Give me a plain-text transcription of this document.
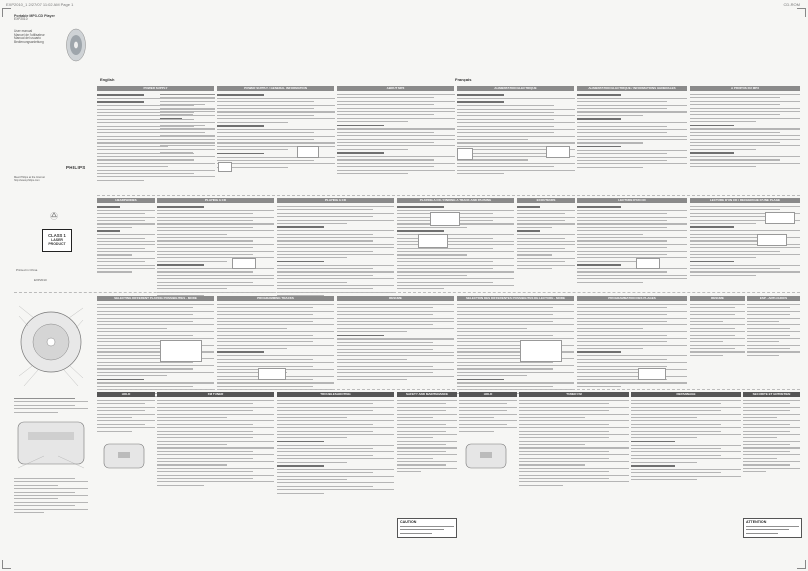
EXP2010_1 2/27/07 11:02 AM Page 1	CD-ROM
Portable MP3-CD Player
EXP2010
User manual
Manuel de l'utilisateur
Manual del usuario
Bedienungsanleitung
PHILIPS
Meet Philips at the Internet
http://www.philips.com
CLASS 1
LASER PRODUCT
Printed in China
EXP2010
English	Français
POWER SUPPLY	POWER SUPPLY / GENERAL INFORMATION	ABOUT MP3	ALIMENTATION ELECTRIQUE	ALIMENTATION ELECTRIQUE / INFORMATIONS GENERALES	A PROPOS DU MP3
HEADPHONES	PLAYING A CD	PLAYING A CD	PLAYING A CD / FINDING A TRACK AND PAUSING	ECOUTEURS	LECTURE D'UN CD	LECTURE D'UN CD / RECHERCHE D'UNE PLAGE
SELECTING DIFFERENT PLAYING POSSIBILITIES - MODE	PROGRAMMING TRACKS	RESUME	SELECTION DES DIFFERENTES POSSIBILITES DE LECTURE - MODE	PROGRAMMATION DES PLAGES	RESUME	ESP - ANTI-CHOCS
HOLD	FM TUNER	TROUBLESHOOTING	SAFETY AND MAINTENANCE	HOLD	TUNER FM	DEPANNAGE	SECURITE ET ENTRETIEN
CAUTION	ATTENTION
